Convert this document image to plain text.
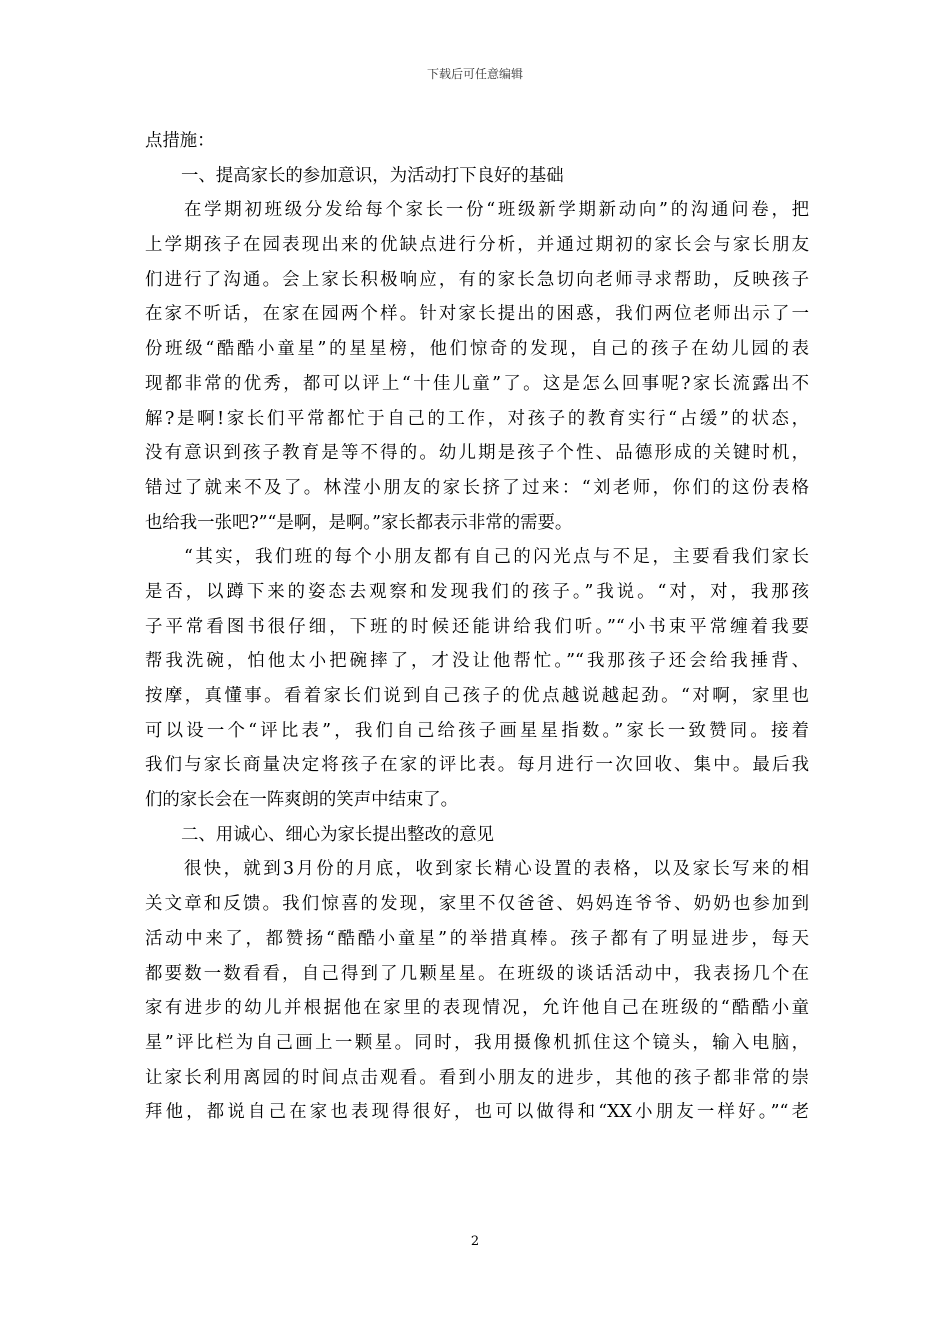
下载后可任意编辑
点措施：
一、提高家长的参加意识，为活动打下良好的基础
在学期初班级分发给每个家长一份“班级新学期新动向”的沟通问卷，把
上学期孩子在园表现出来的优缺点进行分析，并通过期初的家长会与家长朋友
们进行了沟通。会上家长积极响应，有的家长急切向老师寻求帮助，反映孩子
在家不听话，在家在园两个样。针对家长提出的困惑，我们两位老师出示了一
份班级“酷酷小童星”的星星榜，他们惊奇的发现，自己的孩子在幼儿园的表
现都非常的优秀，都可以评上“十佳儿童”了。这是怎么回事呢?家长流露出不
解?是啊!家长们平常都忙于自己的工作，对孩子的教育实行“占缓”的状态，
没有意识到孩子教育是等不得的。幼儿期是孩子个性、品德形成的关键时机，
错过了就来不及了。林滢小朋友的家长挤了过来：“刘老师，你们的这份表格
也给我一张吧?”“是啊，是啊。”家长都表示非常的需要。
“其实，我们班的每个小朋友都有自己的闪光点与不足，主要看我们家长
是否，以蹲下来的姿态去观察和发现我们的孩子。”我说。“对，对，我那孩
子平常看图书很仔细，下班的时候还能讲给我们听。”“小书束平常缠着我要
帮我洗碗，怕他太小把碗摔了，才没让他帮忙。”“我那孩子还会给我捶背、
按摩，真懂事。看着家长们说到自己孩子的优点越说越起劲。“对啊，家里也
可以设一个“评比表”，我们自己给孩子画星星指数。”家长一致赞同。接着
我们与家长商量决定将孩子在家的评比表。每月进行一次回收、集中。最后我
们的家长会在一阵爽朗的笑声中结束了。
二、用诚心、细心为家长提出整改的意见
很快，就到3月份的月底，收到家长精心设置的表格，以及家长写来的相
关文章和反馈。我们惊喜的发现，家里不仅爸爸、妈妈连爷爷、奶奶也参加到
活动中来了，都赞扬“酷酷小童星”的举措真棒。孩子都有了明显进步，每天
都要数一数看看，自己得到了几颗星星。在班级的谈话活动中，我表扬几个在
家有进步的幼儿并根据他在家里的表现情况，允许他自己在班级的“酷酷小童
星”评比栏为自己画上一颗星。同时，我用摄像机抓住这个镜头，输入电脑，
让家长利用离园的时间点击观看。看到小朋友的进步，其他的孩子都非常的崇
拜他，都说自己在家也表现得很好，也可以做得和“XX小朋友一样好。”“老
2
